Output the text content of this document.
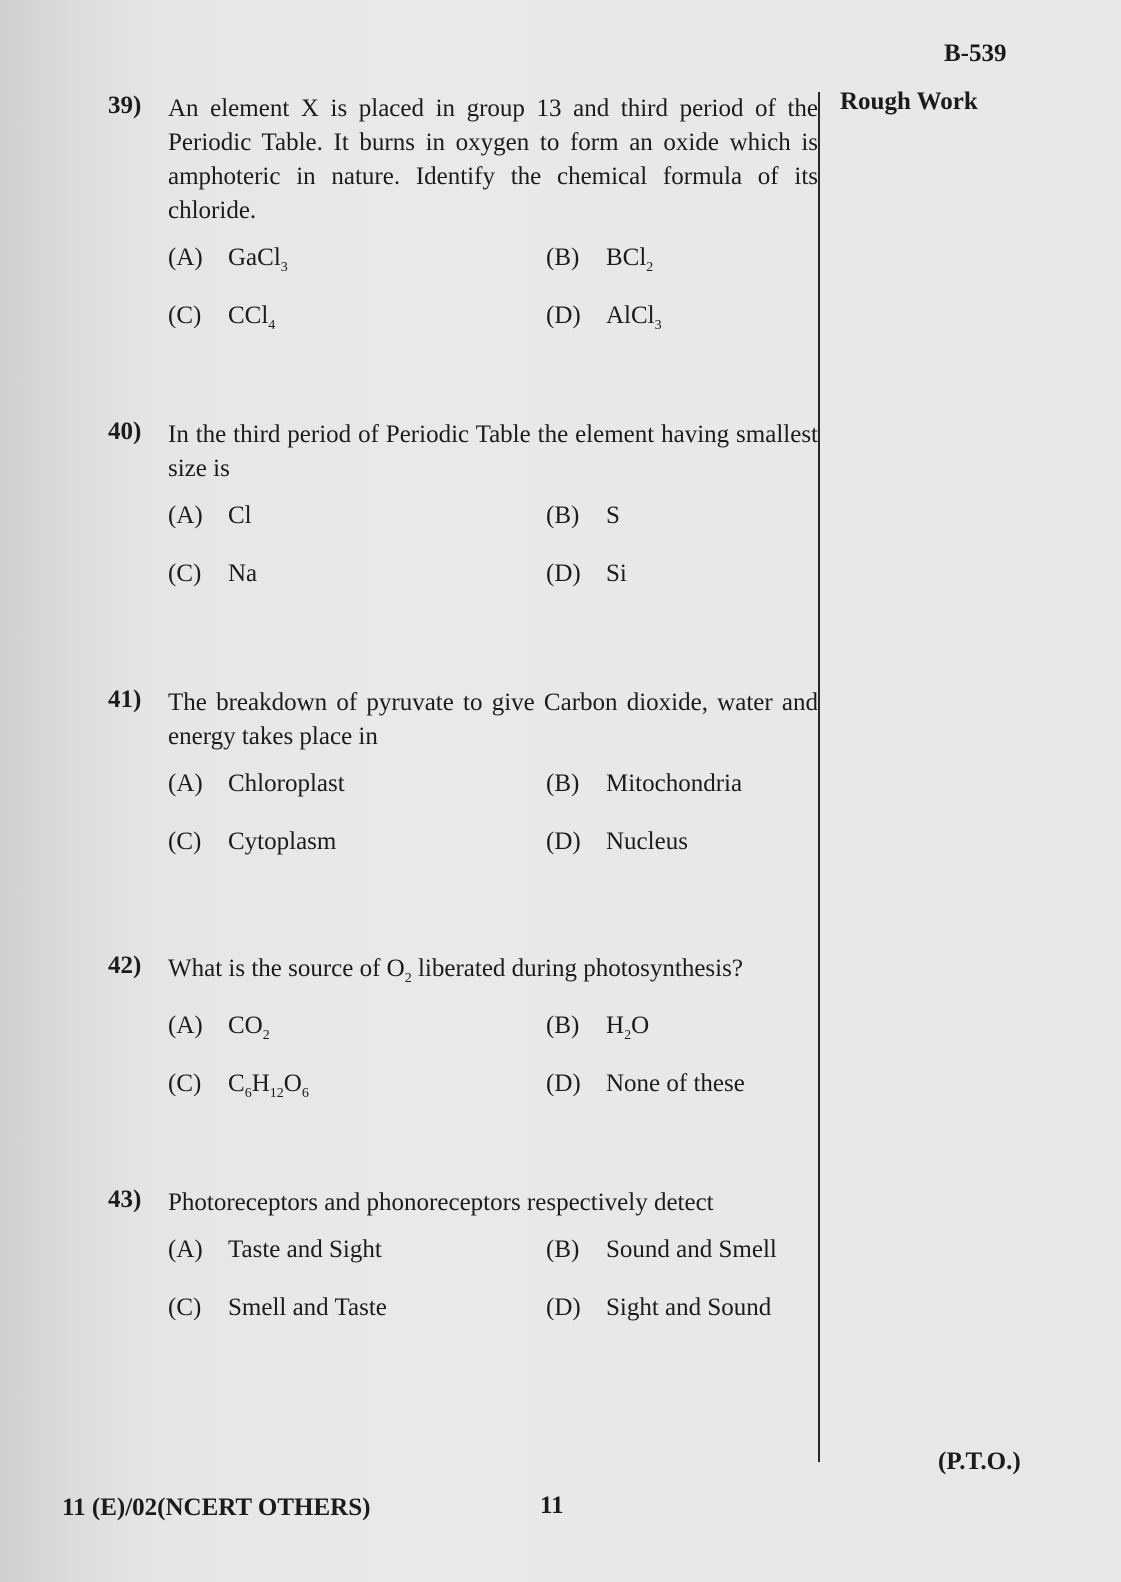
B-539
Rough Work
39) An element X is placed in group 13 and third period of the Periodic Table. It burns in oxygen to form an oxide which is amphoteric in nature. Identify the chemical formula of its chloride.
(A) GaCl$_3$	(B) BCl$_2$
(C) CCl$_4$	(D) AlCl$_3$
40) In the third period of Periodic Table the element having smallest size is
(A) Cl	(B) S
(C) Na	(D) Si
41) The breakdown of pyruvate to give Carbon dioxide, water and energy takes place in
(A) Chloroplast	(B) Mitochondria
(C) Cytoplasm	(D) Nucleus
42) What is the source of $O_2$ liberated during photosynthesis?
(A) $CO_2$	(B) $H_2O$
(C) $C_6H_{12}O_6$	(D) None of these
43) Photoreceptors and phonoreceptors respectively detect
(A) Taste and Sight	(B) Sound and Smell
(C) Smell and Taste	(D) Sight and Sound
(P.T.O.)
11 (E)/02(NCERT OTHERS)	11
